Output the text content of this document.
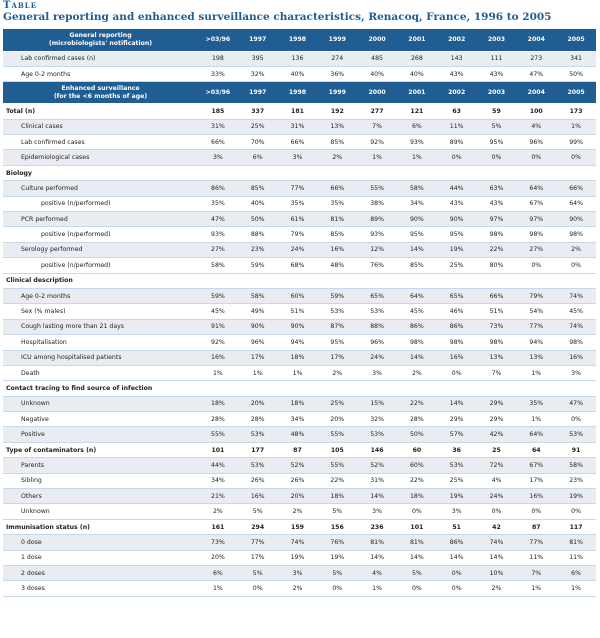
Table
General reporting and enhanced surveillance characteristics, Renacoq, France, 1996 to 2005
General reporting
(microbiologists' notification)	>03/96	1997	1998	1999	2000	2001	2002	2003	2004	2005
Lab confirmed cases (n)	198	395	136	274	485	268	143	111	273	341
Age 0-2 months	33%	32%	40%	36%	40%	40%	43%	43%	47%	50%
Enhanced surveillance
(for the <6 months of age)	>03/96	1997	1998	1999	2000	2001	2002	2003	2004	2005
Total (n)	185	337	181	192	277	121	63	59	100	173
Clinical cases	31%	25%	31%	13%	7%	6%	11%	5%	4%	1%
Lab confirmed cases	66%	70%	66%	85%	92%	93%	89%	95%	96%	99%
Epidemiological cases	3%	6%	3%	2%	1%	1%	0%	0%	0%	0%
Biology										
Culture performed	86%	85%	77%	66%	55%	58%	44%	63%	64%	66%
positive (n/performed)	35%	40%	35%	35%	38%	34%	43%	43%	67%	64%
PCR performed	47%	50%	61%	81%	89%	90%	90%	97%	97%	90%
positive (n/performed)	93%	88%	79%	85%	93%	95%	95%	98%	98%	98%
Serology performed	27%	23%	24%	16%	12%	14%	19%	22%	27%	2%
positive (n/performed)	58%	59%	68%	48%	76%	85%	25%	80%	0%	0%
Clinical description										
Age 0-2 months	59%	58%	60%	59%	65%	64%	65%	66%	79%	74%
Sex (% males)	45%	49%	51%	53%	53%	45%	46%	51%	54%	45%
Cough lasting more than 21 days	91%	90%	90%	87%	88%	86%	86%	73%	77%	74%
Hospitalisation	92%	96%	94%	95%	96%	98%	98%	98%	94%	98%
ICU among hospitalised patients	16%	17%	18%	17%	24%	14%	16%	13%	13%	16%
Death	1%	1%	1%	2%	3%	2%	0%	7%	1%	3%
Contact tracing to find source of infection										
Unknown	18%	20%	18%	25%	15%	22%	14%	29%	35%	47%
Negative	28%	28%	34%	20%	32%	28%	29%	29%	1%	0%
Positive	55%	53%	48%	55%	53%	50%	57%	42%	64%	53%
Type of contaminators (n)	101	177	87	105	146	60	36	25	64	91
Parents	44%	53%	52%	55%	52%	60%	53%	72%	67%	58%
Sibling	34%	26%	26%	22%	31%	22%	25%	4%	17%	23%
Others	21%	16%	20%	18%	14%	18%	19%	24%	16%	19%
Unknown	2%	5%	2%	5%	3%	0%	3%	0%	0%	0%
Immunisation status (n)	161	294	159	156	236	101	51	42	87	117
0 dose	73%	77%	74%	76%	81%	81%	86%	74%	77%	81%
1 dose	20%	17%	19%	19%	14%	14%	14%	14%	11%	11%
2 doses	6%	5%	3%	5%	4%	5%	0%	10%	7%	6%
3 doses	1%	0%	2%	0%	1%	0%	0%	2%	1%	1%
